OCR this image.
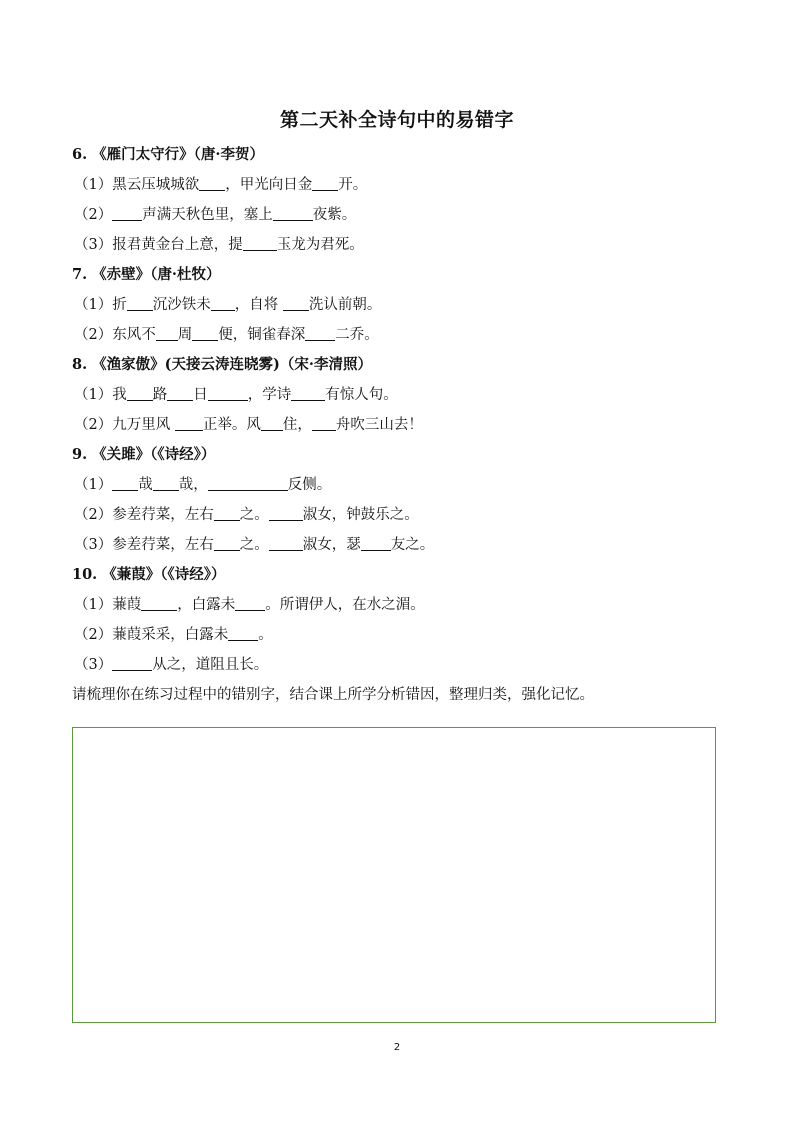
第二天补全诗句中的易错字
6. 《雁门太守行》（唐·李贺）
（1）黑云压城城欲 ，甲光向日金 开。
（2） 声满天秋色里，塞上	夜紫。
（3）报君黄金台上意，提 玉龙为君死。
7. 《赤壁》（唐·杜牧）
（1）折 沉沙铁未 ，自将 洗认前朝。
（2）东风不 周 便，铜雀春深 二乔。
8. 《渔家傲》(天接云涛连晓雾)（宋·李清照）
（1）我 路 日	，学诗 有惊人句。
（2）九万里风 正举。风 住， 舟吹三山去！
9. 《关雎》（《诗经》）
（1） 哉 哉，	反侧。
（2）参差荇菜，左右 之。 淑女，钟鼓乐之。
（3）参差荇菜，左右 之。 淑女，瑟 友之。
10. 《蒹葭》（《诗经》）
（1）蒹葭 ，白露未 。所谓伊人，在水之湄。
（2）蒹葭采采，白露未 。
（3）	从之，道阻且长。
请梳理你在练习过程中的错别字，结合课上所学分析错因，整理归类，强化记忆。
2
